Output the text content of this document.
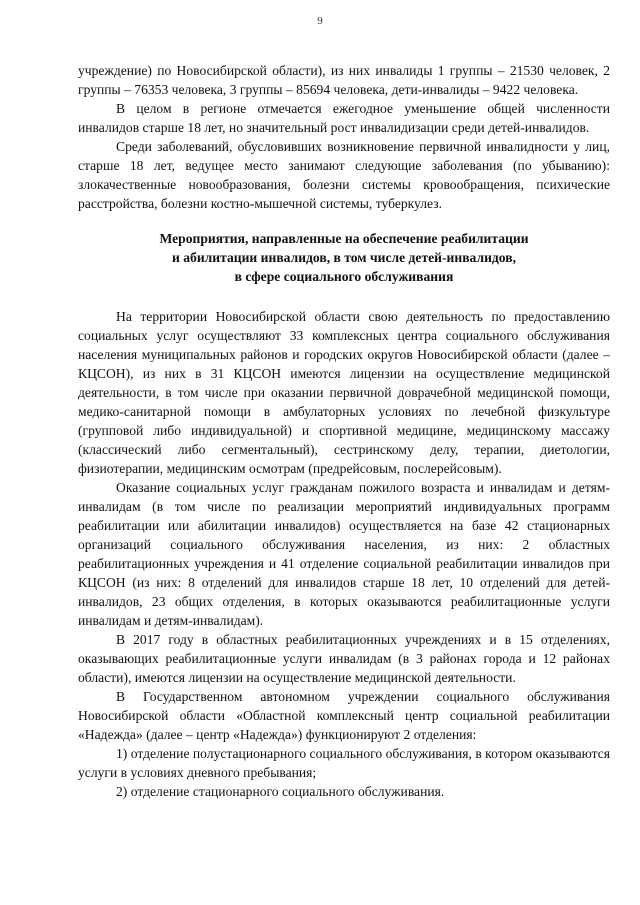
9

учреждение) по Новосибирской области), из них инвалиды 1 группы – 21530 человек, 2 группы – 76353 человека, 3 группы – 85694 человека, дети-инвалиды – 9422 человека.

В целом в регионе отмечается ежегодное уменьшение общей численности инвалидов старше 18 лет, но значительный рост инвалидизации среди детей-инвалидов.

Среди заболеваний, обусловивших возникновение первичной инвалидности у лиц, старше 18 лет, ведущее место занимают следующие заболевания (по убыванию): злокачественные новообразования, болезни системы кровообращения, психические расстройства, болезни костно-мышечной системы, туберкулез.

Мероприятия, направленные на обеспечение реабилитации

и абилитации инвалидов, в том числе детей-инвалидов,

в сфере социального обслуживания

На территории Новосибирской области свою деятельность по предоставлению социальных услуг осуществляют 33 комплексных центра социального обслуживания населения муниципальных районов и городских округов Новосибирской области (далее – КЦСОН), из них в 31 КЦСОН имеются лицензии на осуществление медицинской деятельности, в том числе при оказании первичной доврачебной медицинской помощи, медико-санитарной помощи в амбулаторных условиях по лечебной физкультуре (групповой либо индивидуальной) и спортивной медицине, медицинскому массажу (классический либо сегментальный), сестринскому делу, терапии, диетологии, физиотерапии, медицинским осмотрам (предрейсовым, послерейсовым).

Оказание социальных услуг гражданам пожилого возраста и инвалидам и детям-инвалидам (в том числе по реализации мероприятий индивидуальных программ реабилитации или абилитации инвалидов) осуществляется на базе 42 стационарных организаций социального обслуживания населения, из них: 2 областных реабилитационных учреждения и 41 отделение социальной реабилитации инвалидов при КЦСОН (из них: 8 отделений для инвалидов старше 18 лет, 10 отделений для детей-инвалидов, 23 общих отделения, в которых оказываются реабилитационные услуги инвалидам и детям-инвалидам).

В 2017 году в областных реабилитационных учреждениях и в 15 отделениях, оказывающих реабилитационные услуги инвалидам (в 3 районах города и 12 районах области), имеются лицензии на осуществление медицинской деятельности.

В Государственном автономном учреждении социального обслуживания Новосибирской области «Областной комплексный центр социальной реабилитации «Надежда» (далее – центр «Надежда») функционируют 2 отделения:

1) отделение полустационарного социального обслуживания, в котором оказываются услуги в условиях дневного пребывания;

2) отделение стационарного социального обслуживания.
